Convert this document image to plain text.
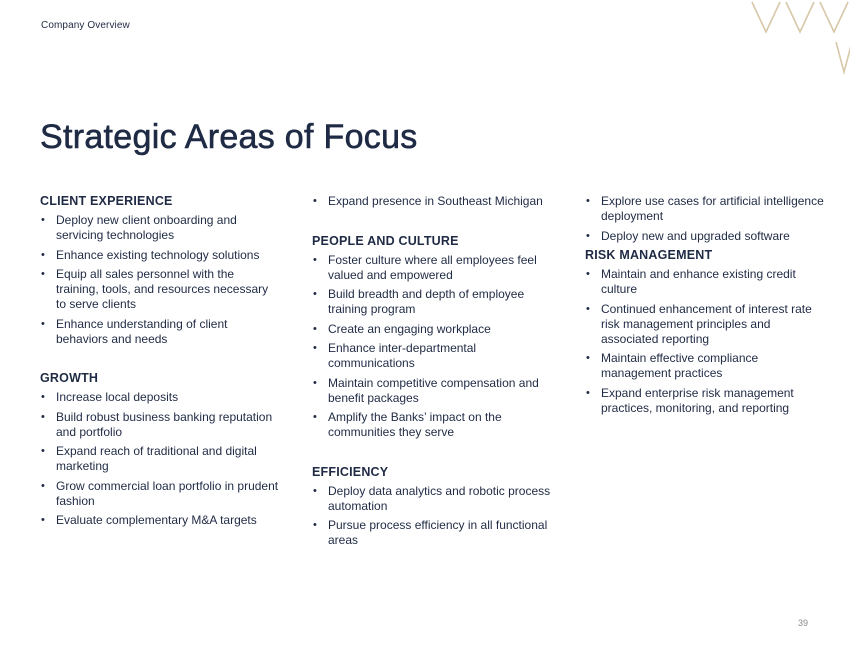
Company Overview
Strategic Areas of Focus
CLIENT EXPERIENCE
• Deploy new client onboarding and servicing technologies
• Enhance existing technology solutions
• Equip all sales personnel with the training, tools, and resources necessary to serve clients
• Enhance understanding of client behaviors and needs
GROWTH
• Increase local deposits
• Build robust business banking reputation and portfolio
• Expand reach of traditional and digital marketing
• Grow commercial loan portfolio in prudent fashion
• Evaluate complementary M&A targets
• Expand presence in Southeast Michigan
PEOPLE AND CULTURE
• Foster culture where all employees feel valued and empowered
• Build breadth and depth of employee training program
• Create an engaging workplace
• Enhance inter-departmental communications
• Maintain competitive compensation and benefit packages
• Amplify the Banks’ impact on the communities they serve
EFFICIENCY
• Deploy data analytics and robotic process automation
• Pursue process efficiency in all functional areas
• Explore use cases for artificial intelligence deployment
• Deploy new and upgraded software
RISK MANAGEMENT
• Maintain and enhance existing credit culture
• Continued enhancement of interest rate risk management principles and associated reporting
• Maintain effective compliance management practices
• Expand enterprise risk management practices, monitoring, and reporting
39
